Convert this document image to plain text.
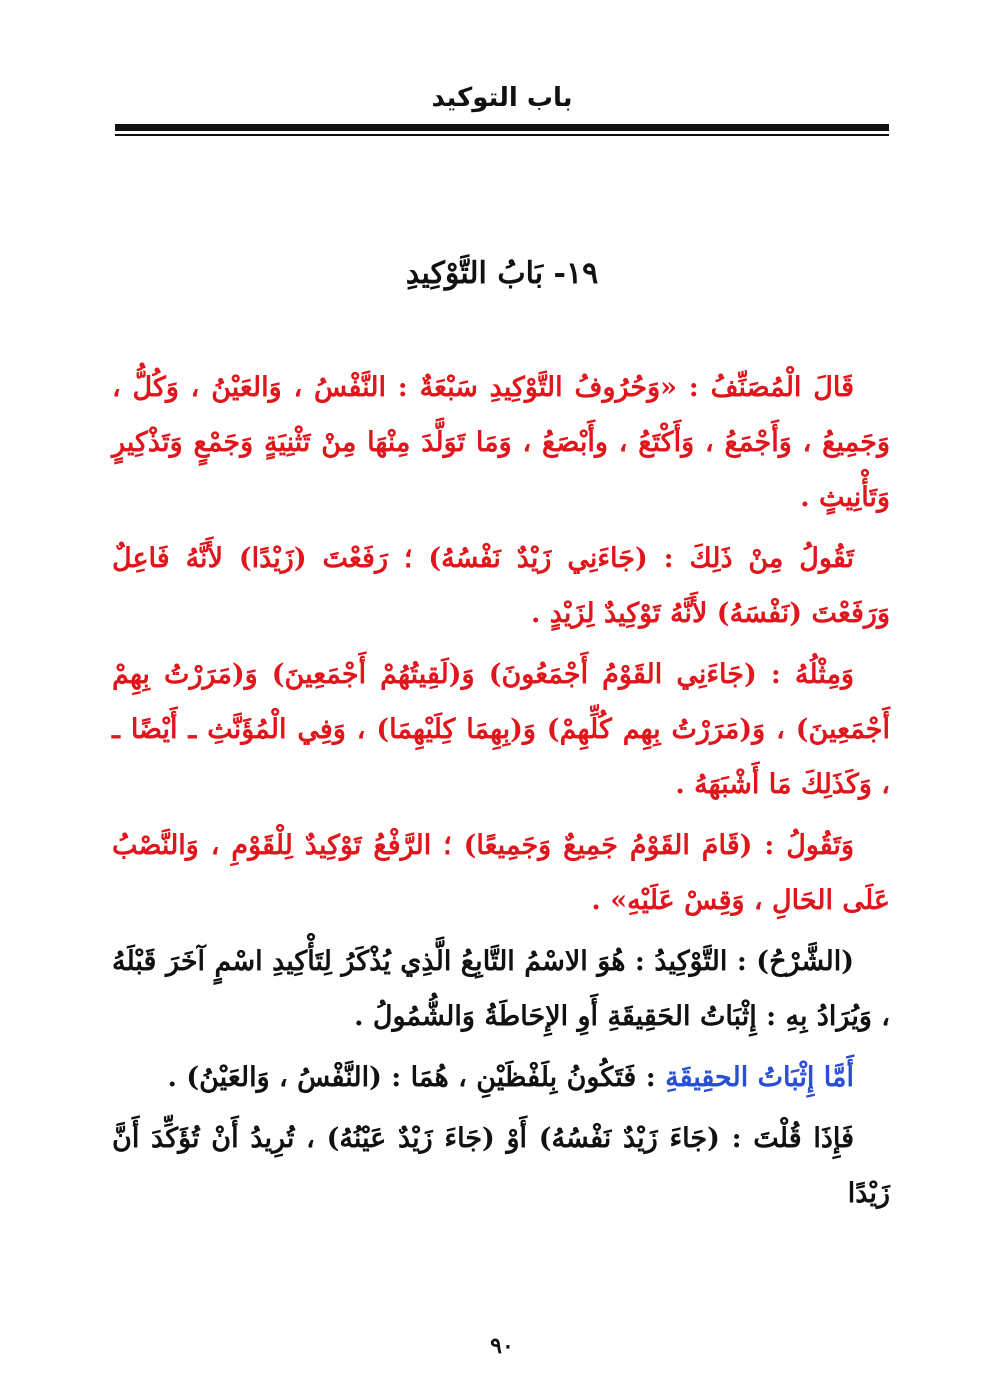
باب التوكيد
١٩- بَابُ التَّوْكِيدِ

قَالَ الْمُصَنِّفُ : «وَحُرُوفُ التَّوْكِيدِ سَبْعَةٌ : النَّفْسُ ، وَالعَيْنُ ، وَكُلُّ ، وَجَمِيعُ ، وَأَجْمَعُ ، وَأَكْتَعُ ، وأَبْصَعُ ، وَمَا تَوَلَّدَ مِنْهَا مِنْ تَثْنِيَةٍ وَجَمْعٍ وَتَذْكِيرٍ وَتَأْنِيثٍ .

تَقُولُ مِنْ ذَلِكَ : (جَاءَنِي زَيْدٌ نَفْسُهُ) ؛ رَفَعْتَ (زَيْدًا) لأَنَّهُ فَاعِلٌ وَرَفَعْتَ (نَفْسَهُ) لأَنَّهُ تَوْكِيدٌ لِزَيْدٍ .

وَمِثْلُهُ : (جَاءَنِي القَوْمُ أَجْمَعُونَ) وَ(لَقِيتُهُمْ أَجْمَعِينَ) وَ(مَرَرْتُ بِهِمْ أَجْمَعِينَ) ، وَ(مَرَرْتُ بِهِم كُلِّهِمْ) وَ(بِهِمَا كِلَيْهِمَا) ، وَفِي الْمُؤَنَّثِ ـ أَيْضًا ـ ، وَكَذَلِكَ مَا أَشْبَهَهُ .

وَتَقُولُ : (قَامَ القَوْمُ جَمِيعٌ وَجَمِيعًا) ؛ الرَّفْعُ تَوْكِيدٌ لِلْقَوْمِ ، وَالنَّصْبُ عَلَى الحَالِ ، وَقِسْ عَلَيْهِ» .

(الشَّرْحُ) : التَّوْكِيدُ : هُوَ الاسْمُ التَّابِعُ الَّذِي يُذْكَرُ لِتَأْكِيدِ اسْمٍ آخَرَ قَبْلَهُ ، وَيُرَادُ بِهِ : إِثْبَاتُ الحَقِيقَةِ أَوِ الإِحَاطَةُ وَالشُّمُولُ .

أَمَّا إِثْبَاتُ الحقِيقَةِ : فَتَكُونُ بِلَفْظَيْنِ ، هُمَا : (النَّفْسُ ، وَالعَيْنُ) .

فَإِذَا قُلْتَ : (جَاءَ زَيْدٌ نَفْسُهُ) أَوْ (جَاءَ زَيْدٌ عَيْنُهُ) ، تُرِيدُ أَنْ تُؤَكِّدَ أَنَّ زَيْدًا

٩٠
